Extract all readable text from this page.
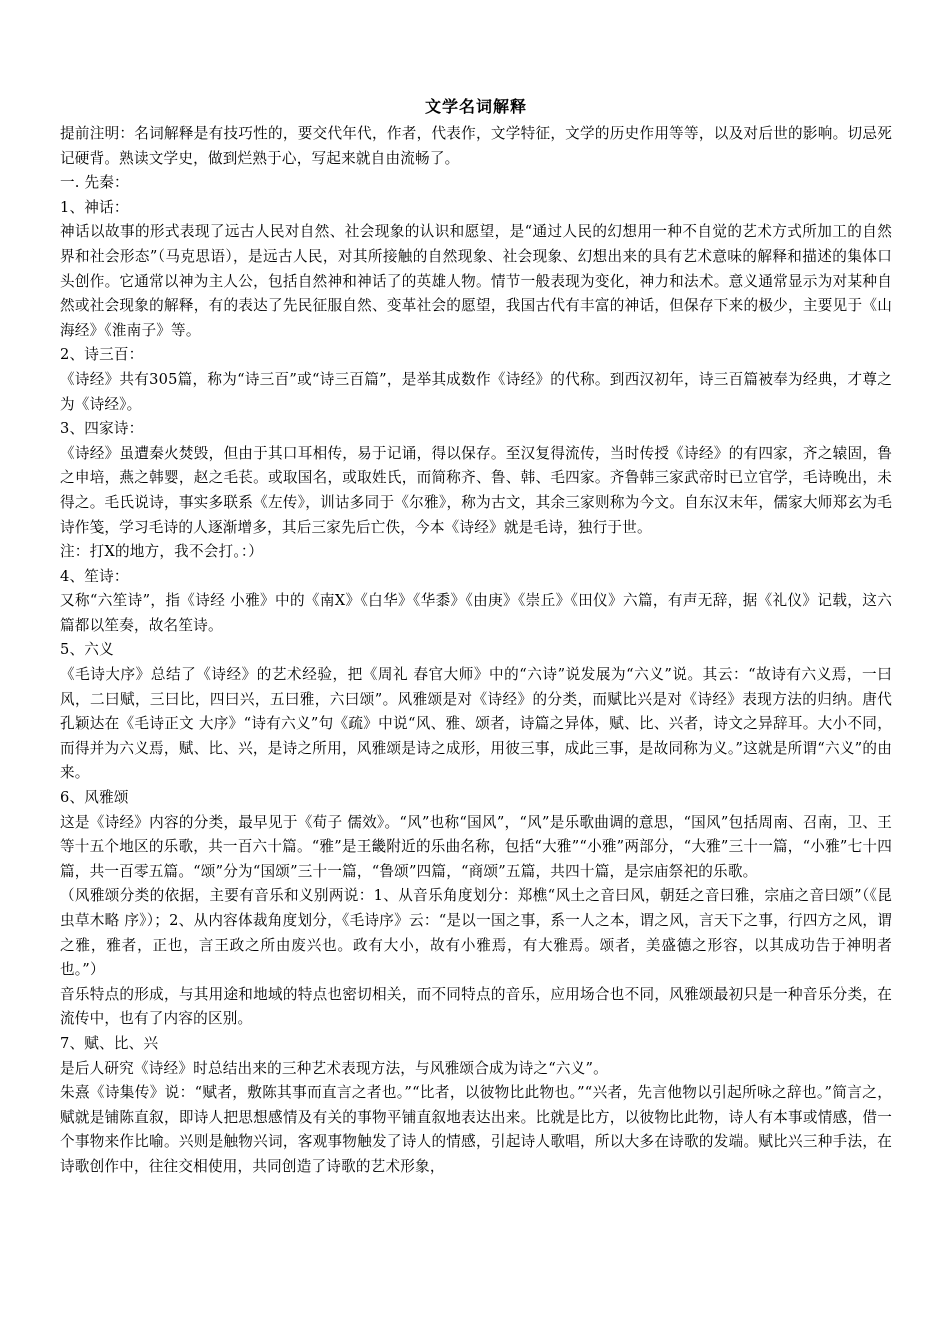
文学名词解释

提前注明：名词解释是有技巧性的，要交代年代，作者，代表作，文学特征，文学的历史作用等等，以及对后世的影响。切忌死记硬背。熟读文学史，做到烂熟于心，写起来就自由流畅了。

一. 先秦：

1、神话：

神话以故事的形式表现了远古人民对自然、社会现象的认识和愿望，是“通过人民的幻想用一种不自觉的艺术方式所加工的自然界和社会形态”（马克思语），是远古人民，对其所接触的自然现象、社会现象、幻想出来的具有艺术意味的解释和描述的集体口头创作。它通常以神为主人公，包括自然神和神话了的英雄人物。情节一般表现为变化，神力和法术。意义通常显示为对某种自然或社会现象的解释，有的表达了先民征服自然、变革社会的愿望，我国古代有丰富的神话，但保存下来的极少，主要见于《山海经》《淮南子》等。

2、诗三百：

《诗经》共有305篇，称为“诗三百”或“诗三百篇”，是举其成数作《诗经》的代称。到西汉初年，诗三百篇被奉为经典，才尊之为《诗经》。

3、四家诗：

《诗经》虽遭秦火焚毁，但由于其口耳相传，易于记诵，得以保存。至汉复得流传，当时传授《诗经》的有四家，齐之辕固，鲁之申培，燕之韩婴，赵之毛苌。或取国名，或取姓氏，而简称齐、鲁、韩、毛四家。齐鲁韩三家武帝时已立官学，毛诗晚出，未得之。毛氏说诗，事实多联系《左传》，训诂多同于《尔雅》，称为古文，其余三家则称为今文。自东汉末年，儒家大师郑玄为毛诗作笺，学习毛诗的人逐渐增多，其后三家先后亡佚，今本《诗经》就是毛诗，独行于世。

注：打X的地方，我不会打。：）

4、笙诗：

又称“六笙诗”，指《诗经 小雅》中的《南X》《白华》《华黍》《由庚》《崇丘》《田仪》六篇，有声无辞，据《礼仪》记载，这六篇都以笙奏，故名笙诗。

5、六义

《毛诗大序》总结了《诗经》的艺术经验，把《周礼 春官大师》中的“六诗”说发展为“六义”说。其云：“故诗有六义焉，一曰风，二曰赋，三曰比，四曰兴，五曰雅，六曰颂”。风雅颂是对《诗经》的分类，而赋比兴是对《诗经》表现方法的归纳。唐代孔颖达在《毛诗正文 大序》“诗有六义”句《疏》中说“风、雅、颂者，诗篇之异体，赋、比、兴者，诗文之异辞耳。大小不同，而得并为六义焉，赋、比、兴，是诗之所用，风雅颂是诗之成形，用彼三事，成此三事，是故同称为义。”这就是所谓“六义”的由来。

6、风雅颂

这是《诗经》内容的分类，最早见于《荀子 儒效》。“风”也称“国风”，“风”是乐歌曲调的意思，“国风”包括周南、召南，卫、王等十五个地区的乐歌，共一百六十篇。“雅”是王畿附近的乐曲名称，包括“大雅”“小雅”两部分，“大雅”三十一篇，“小雅”七十四篇，共一百零五篇。“颂”分为“国颂”三十一篇，“鲁颂”四篇，“商颂”五篇，共四十篇，是宗庙祭祀的乐歌。

（风雅颂分类的依据，主要有音乐和义别两说：1、从音乐角度划分：郑樵“风土之音曰风，朝廷之音曰雅，宗庙之音曰颂”（《昆虫草木略 序》）；2、从内容体裁角度划分，《毛诗序》云：“是以一国之事，系一人之本，谓之风，言天下之事，行四方之风，谓之雅，雅者，正也，言王政之所由废兴也。政有大小，故有小雅焉，有大雅焉。颂者，美盛德之形容，以其成功告于神明者也。”）

音乐特点的形成，与其用途和地域的特点也密切相关，而不同特点的音乐，应用场合也不同，风雅颂最初只是一种音乐分类，在流传中，也有了内容的区别。

7、赋、比、兴

是后人研究《诗经》时总结出来的三种艺术表现方法，与风雅颂合成为诗之“六义”。

朱熹《诗集传》说：“赋者，敷陈其事而直言之者也。”“比者，以彼物比此物也。”“兴者，先言他物以引起所咏之辞也。”简言之，赋就是铺陈直叙，即诗人把思想感情及有关的事物平铺直叙地表达出来。比就是比方，以彼物比此物，诗人有本事或情感，借一个事物来作比喻。兴则是触物兴词，客观事物触发了诗人的情感，引起诗人歌唱，所以大多在诗歌的发端。赋比兴三种手法，在诗歌创作中，往往交相使用，共同创造了诗歌的艺术形象，
